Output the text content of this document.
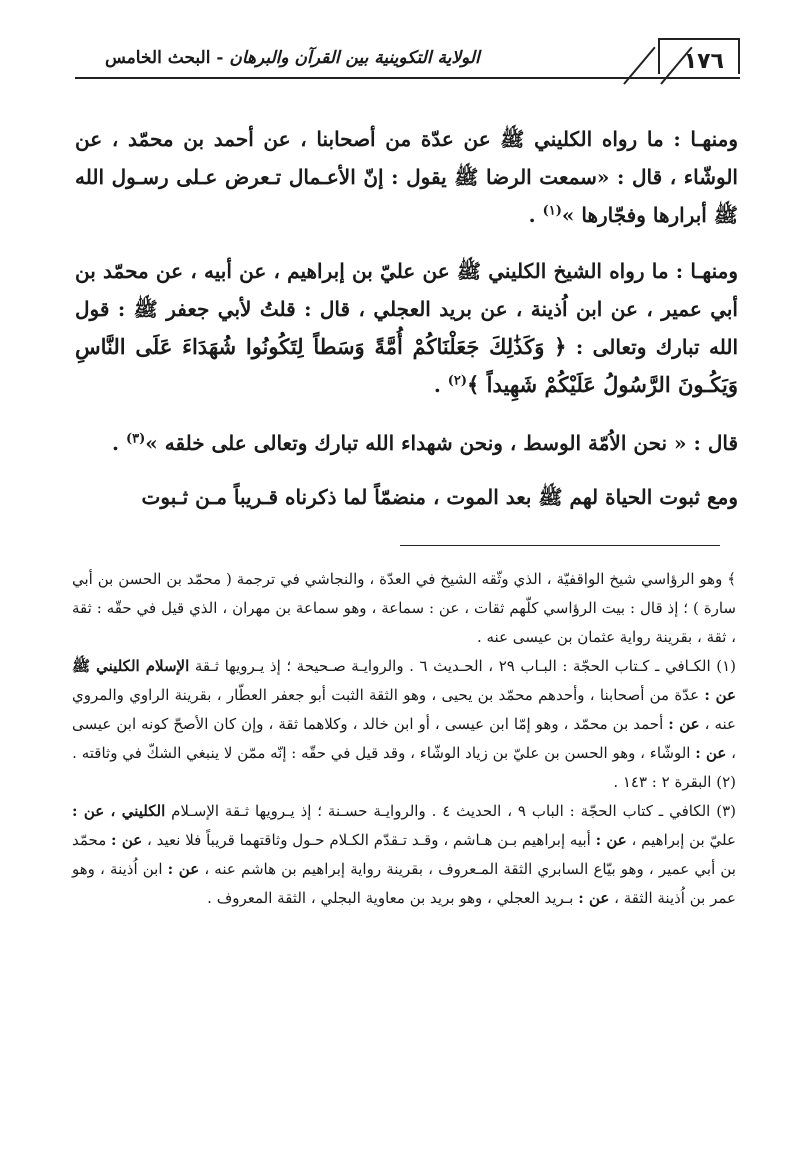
١٧٦
الولاية التكوينية بين القرآن والبرهان - البحث الخامس

ومنهـا : ما رواه الكليني ﷺ عن عدّة من أصحابنا ، عن أحمد بن محمّد ، عن الوشّاء ، قال : «سمعت الرضا ﷺ يقول : إنّ الأعـمال تـعرض عـلى رسـول الله ﷺ أبرارها وفجّارها »$^{(١)}$ .

ومنهـا : ما رواه الشيخ الكليني ﷺ عن عليّ بن إبراهيم ، عن أبيه ، عن محمّد بن أبي عمير ، عن ابن اُذينة ، عن بريد العجلي ، قال : قلتُ لأبي جعفر ﷺ : قول الله تبارك وتعالى : ﴿ وَكَذَٰلِكَ جَعَلْنَاكُمْ أُمَّةً وَسَطاً لِتَكُونُوا شُهَدَاءَ عَلَى النَّاسِ وَيَكُـونَ الرَّسُولُ عَلَيْكُمْ شَهِيداً ﴾$^{(٢)}$ .

قال : « نحن الاُمّة الوسط ، ونحن شهداء الله تبارك وتعالى على خلقه »$^{(٣)}$ .

ومع ثبوت الحياة لهم ﷺ بعد الموت ، منضمّاً لما ذكرناه قـريباً مـن ثـبوت

﴾ وهو الرؤاسي شيخ الواقفيّة ، الذي وثّقه الشيخ في العدّة ، والنجاشي في ترجمة ( محمّد بن الحسن بن أبي سارة ) ؛ إذ قال : بيت الرؤاسي كلّهم ثقات ، عن : سماعة ، وهو سماعة بن مهران ، الذي قيل في حقّه : ثقة ، ثقة ، بقرينة رواية عثمان بن عيسى عنه .

(١) الكـافي ـ كـتاب الحجّة : البـاب ٢٩ ، الحـديث ٦ . والروايـة صـحيحة ؛ إذ يـرويها ثـقة الإسلام الكليني ﷺ عن : عدّة من أصحابنا ، وأحدهم محمّد بن يحيى ، وهو الثقة الثبت أبو جعفر العطّار ، بقرينة الراوي والمروي عنه ، عن : أحمد بن محمّد ، وهو إمّا ابن عيسى ، أو ابن خالد ، وكلاهما ثقة ، وإن كان الأصحّ كونه ابن عيسى ، عن : الوشّاء ، وهو الحسن بن عليّ بن زياد الوشّاء ، وقد قيل في حقّه : إنّه ممّن لا ينبغي الشكّ في وثاقته .

(٢) البقرة ٢ : ١٤٣ .

(٣) الكافي ـ كتاب الحجّة : الباب ٩ ، الحديث ٤ . والروايـة حسـنة ؛ إذ يـرويها ثـقة الإسـلام الكليني ، عن : عليّ بن إبراهيم ، عن : أبيه إبراهيم بـن هـاشم ، وقـد تـقدّم الكـلام حـول وثاقتهما قريباً فلا نعيد ، عن : محمّد بن أبي عمير ، وهو بيّاع السابري الثقة المـعروف ، بقرينة رواية إبراهيم بن هاشم عنه ، عن : ابن اُذينة ، وهو عمر بن اُذينة الثقة ، عن : بـريد العجلي ، وهو بريد بن معاوية البجلي ، الثقة المعروف .
